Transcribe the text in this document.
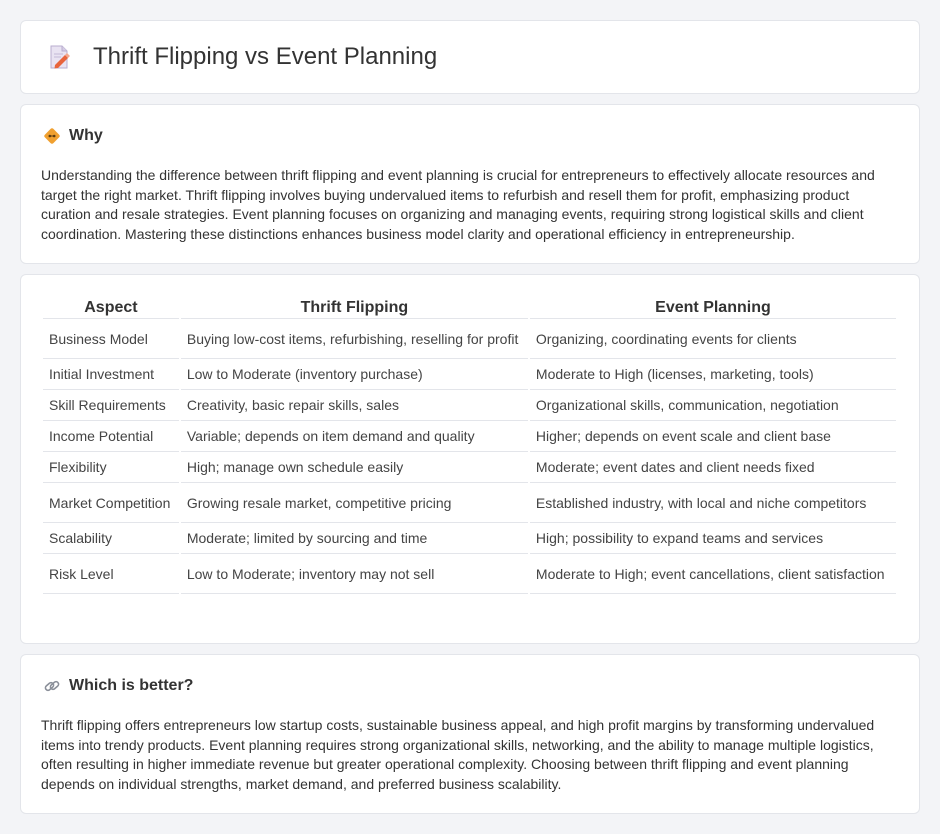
Thrift Flipping vs Event Planning
Why

Understanding the difference between thrift flipping and event planning is crucial for entrepreneurs to effectively allocate resources and target the right market. Thrift flipping involves buying undervalued items to refurbish and resell them for profit, emphasizing product curation and resale strategies. Event planning focuses on organizing and managing events, requiring strong logistical skills and client coordination. Mastering these distinctions enhances business model clarity and operational efficiency in entrepreneurship.

Aspect	Thrift Flipping	Event Planning
Business Model	Buying low-cost items, refurbishing, reselling for profit	Organizing, coordinating events for clients
Initial Investment	Low to Moderate (inventory purchase)	Moderate to High (licenses, marketing, tools)
Skill Requirements	Creativity, basic repair skills, sales	Organizational skills, communication, negotiation
Income Potential	Variable; depends on item demand and quality	Higher; depends on event scale and client base
Flexibility	High; manage own schedule easily	Moderate; event dates and client needs fixed
Market Competition	Growing resale market, competitive pricing	Established industry, with local and niche competitors
Scalability	Moderate; limited by sourcing and time	High; possibility to expand teams and services
Risk Level	Low to Moderate; inventory may not sell	Moderate to High; event cancellations, client satisfaction
Which is better?

Thrift flipping offers entrepreneurs low startup costs, sustainable business appeal, and high profit margins by transforming undervalued items into trendy products. Event planning requires strong organizational skills, networking, and the ability to manage multiple logistics, often resulting in higher immediate revenue but greater operational complexity. Choosing between thrift flipping and event planning depends on individual strengths, market demand, and preferred business scalability.
